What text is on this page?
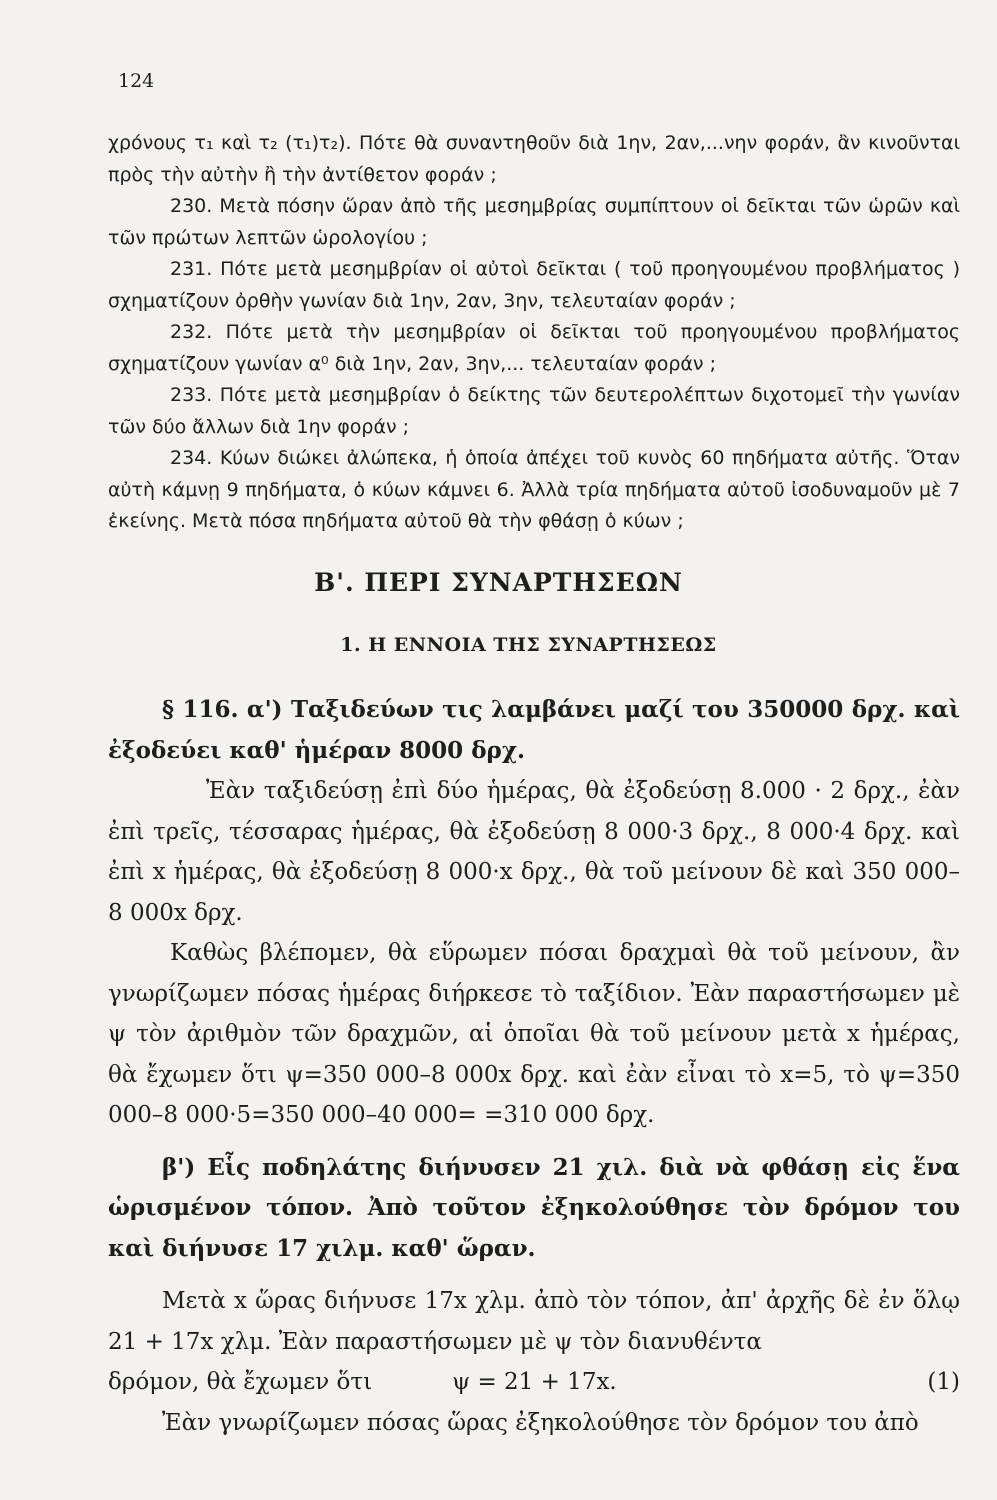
124

χρόνους τ₁ καὶ τ₂ (τ₁)τ₂). Πότε θὰ συναντηθοῦν διὰ 1ην, 2αν,...νην φοράν, ἂν κινοῦνται πρὸς τὴν αὐτὴν ἢ τὴν ἀντίθετον φοράν ;

230. Μετὰ πόσην ὥραν ἀπὸ τῆς μεσημβρίας συμπίπτουν οἱ δεῖκται τῶν ὡρῶν καὶ τῶν πρώτων λεπτῶν ὡρολογίου ;

231. Πότε μετὰ μεσημβρίαν οἱ αὐτοὶ δεῖκται ( τοῦ προηγουμένου προβλήματος ) σχηματίζουν ὀρθὴν γωνίαν διὰ 1ην, 2αν, 3ην, τελευταίαν φοράν ;

232. Πότε μετὰ τὴν μεσημβρίαν οἱ δεῖκται τοῦ προηγουμένου προβλήματος σχηματίζουν γωνίαν α⁰ διὰ 1ην, 2αν, 3ην,... τελευταίαν φοράν ;

233. Πότε μετὰ μεσημβρίαν ὁ δείκτης τῶν δευτερολέπτων διχοτομεῖ τὴν γωνίαν τῶν δύο ἄλλων διὰ 1ην φοράν ;

234. Κύων διώκει ἀλώπεκα, ἡ ὁποία ἀπέχει τοῦ κυνὸς 60 πηδήματα αὐτῆς. Ὅταν αὐτὴ κάμνῃ 9 πηδήματα, ὁ κύων κάμνει 6. Ἀλλὰ τρία πηδήματα αὐτοῦ ἰσοδυναμοῦν μὲ 7 ἐκείνης. Μετὰ πόσα πηδήματα αὐτοῦ θὰ τὴν φθάσῃ ὁ κύων ;

Β'. ΠΕΡΙ ΣΥΝΑΡΤΗΣΕΩΝ
1. Η ΕΝΝΟΙΑ ΤΗΣ ΣΥΝΑΡΤΗΣΕΩΣ

§ 116. α') Ταξιδεύων τις λαμβάνει μαζί του 350000 δρχ. καὶ ἐξοδεύει καθ' ἡμέραν 8000 δρχ.

Ἐὰν ταξιδεύσῃ ἐπὶ δύο ἡμέρας, θὰ ἐξοδεύσῃ 8.000 · 2 δρχ., ἐὰν ἐπὶ τρεῖς, τέσσαρας ἡμέρας, θὰ ἐξοδεύσῃ 8 000·3 δρχ., 8 000·4 δρχ. καὶ ἐπὶ x ἡμέρας, θὰ ἐξοδεύσῃ 8 000·x δρχ., θὰ τοῦ μείνουν δὲ καὶ 350 000–8 000x δρχ.

Καθὼς βλέπομεν, θὰ εὕρωμεν πόσαι δραχμαὶ θὰ τοῦ μείνουν, ἂν γνωρίζωμεν πόσας ἡμέρας διήρκεσε τὸ ταξίδιον. Ἐὰν παραστήσωμεν μὲ ψ τὸν ἀριθμὸν τῶν δραχμῶν, αἱ ὁποῖαι θὰ τοῦ μείνουν μετὰ x ἡμέρας, θὰ ἔχωμεν ὅτι ψ=350 000–8 000x δρχ. καὶ ἐὰν εἶναι τὸ x=5, τὸ ψ=350 000–8 000·5=350 000–40 000= =310 000 δρχ.

β') Εἷς ποδηλάτης διήνυσεν 21 χιλ. διὰ νὰ φθάσῃ εἰς ἕνα ὡρισμένον τόπον. Ἀπὸ τοῦτον ἐξηκολούθησε τὸν δρόμον του καὶ διήνυσε 17 χιλμ. καθ' ὥραν.

Μετὰ x ὥρας διήνυσε 17x χλμ. ἀπὸ τὸν τόπον, ἀπ' ἀρχῆς δὲ ἐν ὅλῳ 21 + 17x χλμ. Ἐὰν παραστήσωμεν μὲ ψ τὸν διανυθέντα

δρόμον, θὰ ἔχωμεν ὅτι	ψ = 21 + 17x.	(1)

Ἐὰν γνωρίζωμεν πόσας ὥρας ἐξηκολούθησε τὸν δρόμον του ἀπὸ
